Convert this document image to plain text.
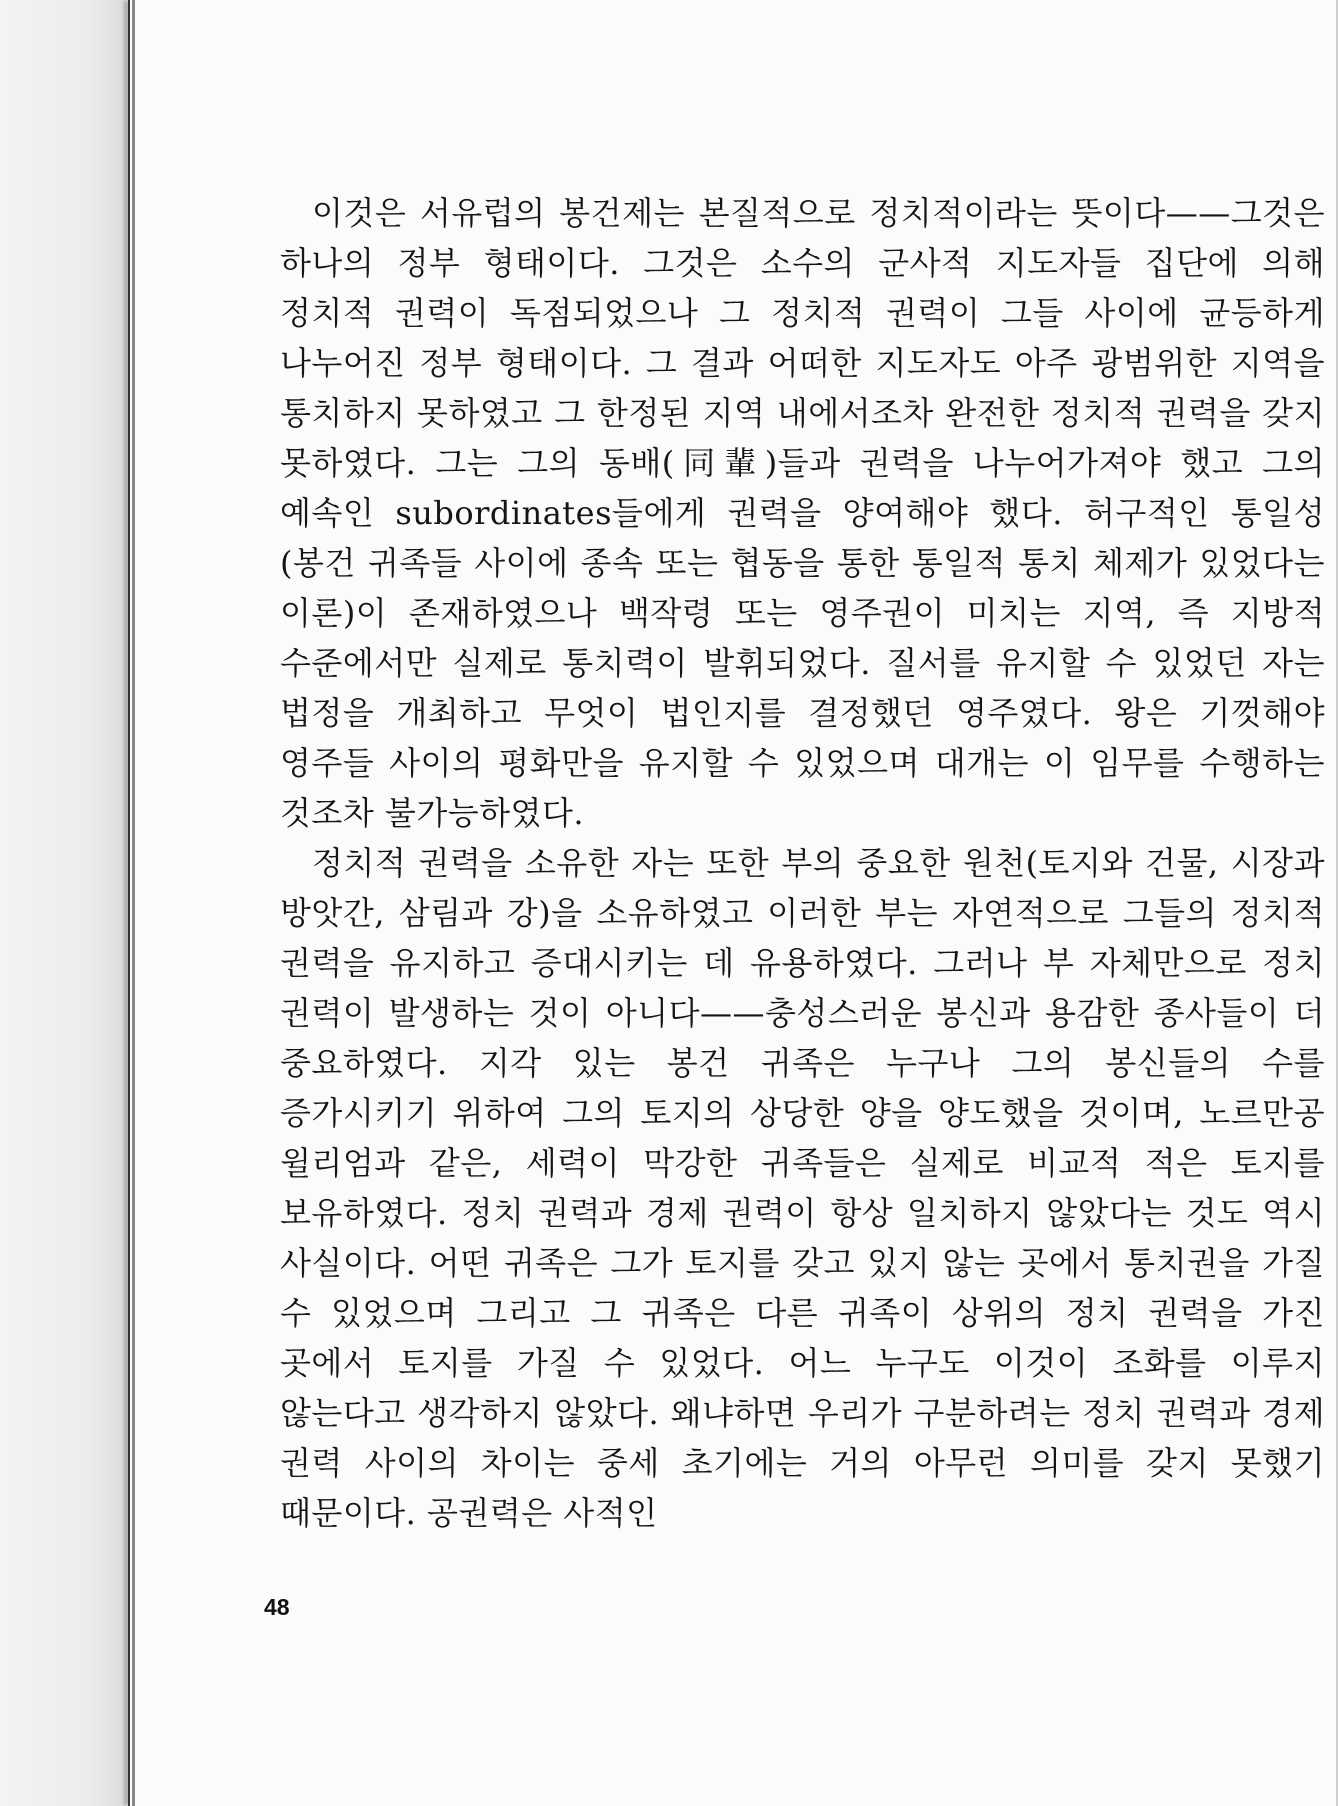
이것은 서유럽의 봉건제는 본질적으로 정치적이라는 뜻이다——그것은 하나의 정부 형태이다. 그것은 소수의 군사적 지도자들 집단에 의해 정치적 권력이 독점되었으나 그 정치적 권력이 그들 사이에 균등하게 나누어진 정부 형태이다. 그 결과 어떠한 지도자도 아주 광범위한 지역을 통치하지 못하였고 그 한정된 지역 내에서조차 완전한 정치적 권력을 갖지 못하였다. 그는 그의 동배(同輩)들과 권력을 나누어가져야 했고 그의 예속인 subordinates들에게 권력을 양여해야 했다. 허구적인 통일성(봉건 귀족들 사이에 종속 또는 협동을 통한 통일적 통치 체제가 있었다는 이론)이 존재하였으나 백작령 또는 영주권이 미치는 지역, 즉 지방적 수준에서만 실제로 통치력이 발휘되었다. 질서를 유지할 수 있었던 자는 법정을 개최하고 무엇이 법인지를 결정했던 영주였다. 왕은 기껏해야 영주들 사이의 평화만을 유지할 수 있었으며 대개는 이 임무를 수행하는 것조차 불가능하였다.

정치적 권력을 소유한 자는 또한 부의 중요한 원천(토지와 건물, 시장과 방앗간, 삼림과 강)을 소유하였고 이러한 부는 자연적으로 그들의 정치적 권력을 유지하고 증대시키는 데 유용하였다. 그러나 부 자체만으로 정치 권력이 발생하는 것이 아니다——충성스러운 봉신과 용감한 종사들이 더 중요하였다. 지각 있는 봉건 귀족은 누구나 그의 봉신들의 수를 증가시키기 위하여 그의 토지의 상당한 양을 양도했을 것이며, 노르만공 윌리엄과 같은, 세력이 막강한 귀족들은 실제로 비교적 적은 토지를 보유하였다. 정치 권력과 경제 권력이 항상 일치하지 않았다는 것도 역시 사실이다. 어떤 귀족은 그가 토지를 갖고 있지 않는 곳에서 통치권을 가질 수 있었으며 그리고 그 귀족은 다른 귀족이 상위의 정치 권력을 가진 곳에서 토지를 가질 수 있었다. 어느 누구도 이것이 조화를 이루지 않는다고 생각하지 않았다. 왜냐하면 우리가 구분하려는 정치 권력과 경제 권력 사이의 차이는 중세 초기에는 거의 아무런 의미를 갖지 못했기 때문이다. 공권력은 사적인

48
